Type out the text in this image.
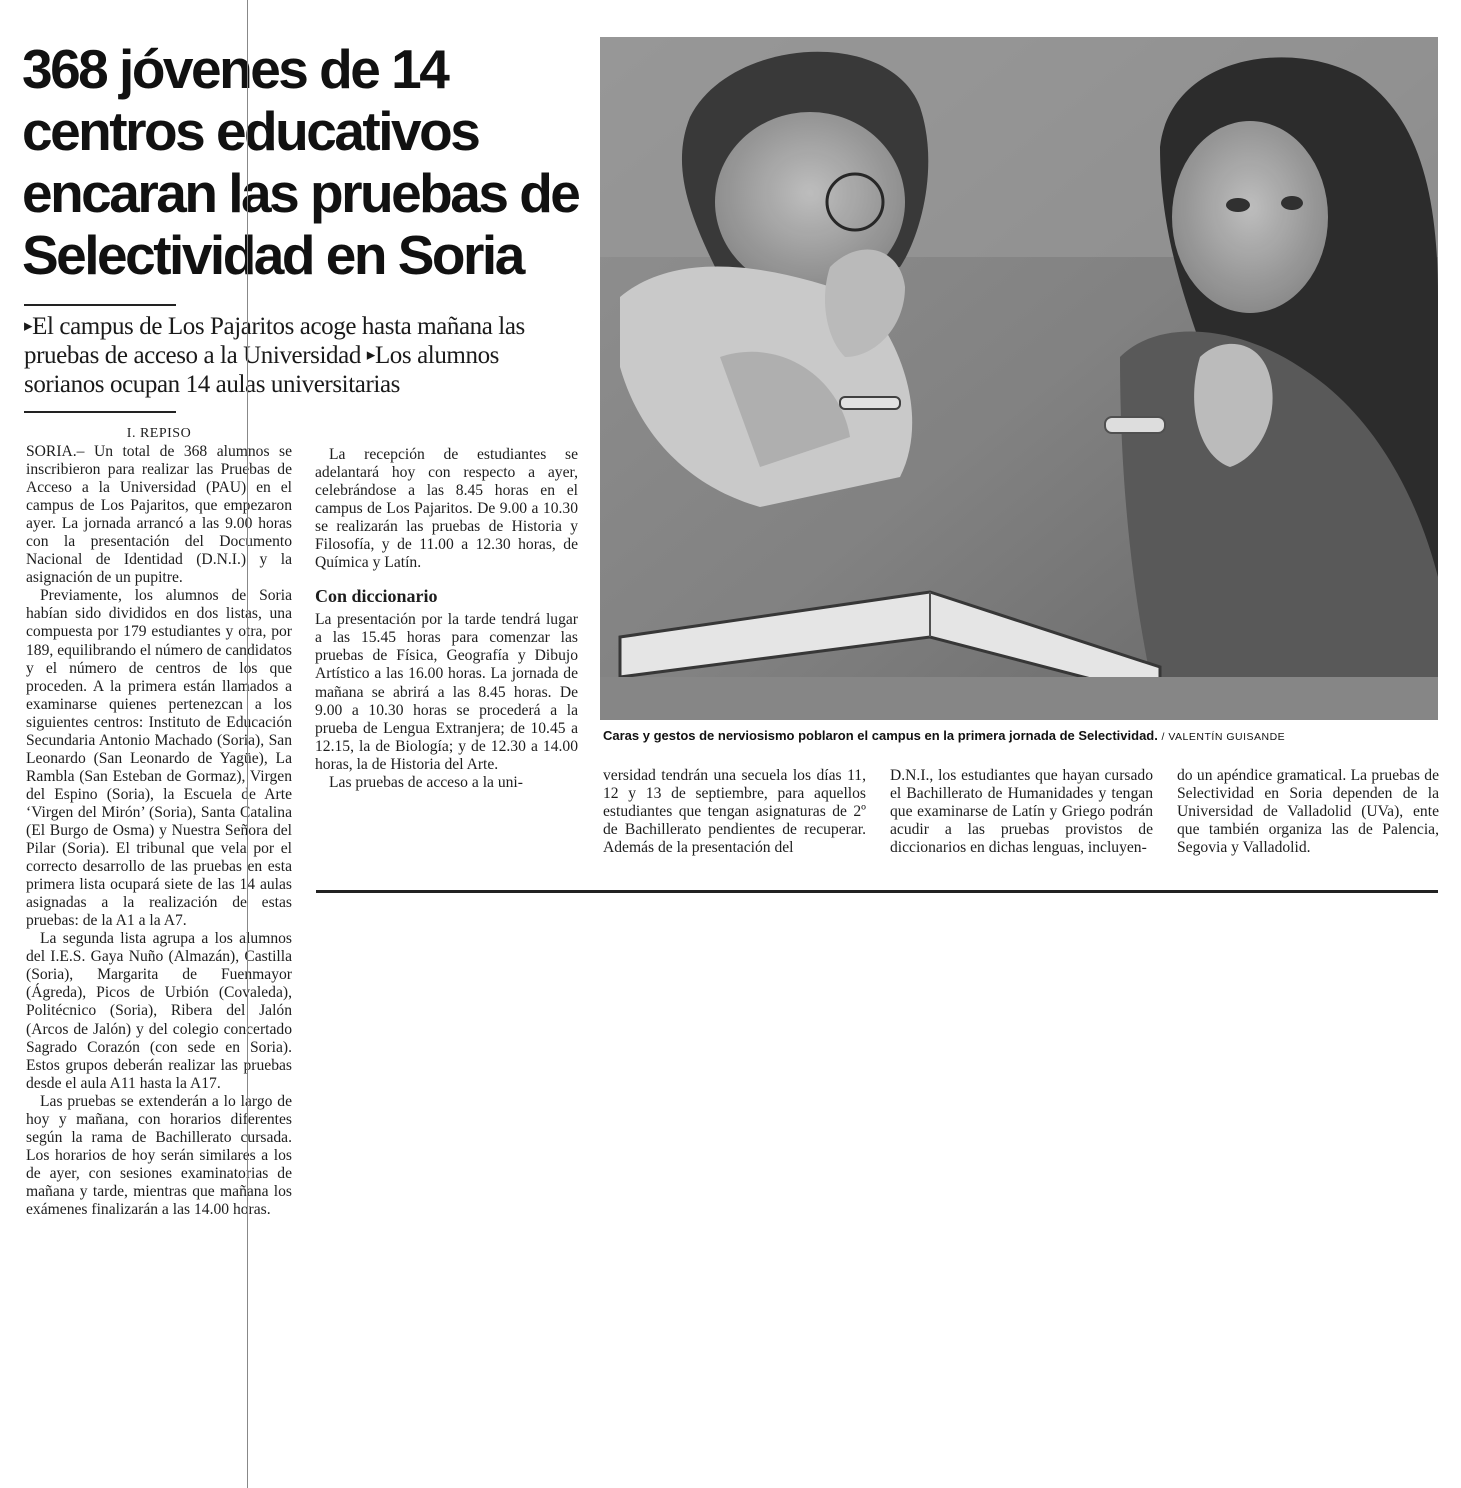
368 jóvenes de 14 centros educativos encaran las pruebas de Selectividad en Soria

▸El campus de Los Pajaritos acoge hasta mañana las pruebas de acceso a la Universidad ▸Los alumnos sorianos ocupan 14 aulas universitarias

I. REPISO

SORIA.– Un total de 368 alumnos se inscribieron para realizar las Pruebas de Acceso a la Universidad (PAU) en el campus de Los Pajaritos, que empezaron ayer. La jornada arrancó a las 9.00 horas con la presentación del Documento Nacional de Identidad (D.N.I.) y la asignación de un pupitre.

Previamente, los alumnos de Soria habían sido divididos en dos listas, una compuesta por 179 estudiantes y otra, por 189, equilibrando el número de candidatos y el número de centros de los que proceden. A la primera están llamados a examinarse quienes pertenezcan a los siguientes centros: Instituto de Educación Secundaria Antonio Machado (Soria), San Leonardo (San Leonardo de Yagüe), La Rambla (San Esteban de Gormaz), Virgen del Espino (Soria), la Escuela de Arte ‘Virgen del Mirón’ (Soria), Santa Catalina (El Burgo de Osma) y Nuestra Señora del Pilar (Soria). El tribunal que vela por el correcto desarrollo de las pruebas en esta primera lista ocupará siete de las 14 aulas asignadas a la realización de estas pruebas: de la A1 a la A7.

La segunda lista agrupa a los alumnos del I.E.S. Gaya Nuño (Almazán), Castilla (Soria), Margarita de Fuenmayor (Ágreda), Picos de Urbión (Covaleda), Politécnico (Soria), Ribera del Jalón (Arcos de Jalón) y del colegio concertado Sagrado Corazón (con sede en Soria). Estos grupos deberán realizar las pruebas desde el aula A11 hasta la A17.

Las pruebas se extenderán a lo largo de hoy y mañana, con horarios diferentes según la rama de Bachillerato cursada. Los horarios de hoy serán similares a los de ayer, con sesiones examinatorias de mañana y tarde, mientras que mañana los exámenes finalizarán a las 14.00 horas.

La recepción de estudiantes se adelantará hoy con respecto a ayer, celebrándose a las 8.45 horas en el campus de Los Pajaritos. De 9.00 a 10.30 se realizarán las pruebas de Historia y Filosofía, y de 11.00 a 12.30 horas, de Química y Latín.

Con diccionario

La presentación por la tarde tendrá lugar a las 15.45 horas para comenzar las pruebas de Física, Geografía y Dibujo Artístico a las 16.00 horas. La jornada de mañana se abrirá a las 8.45 horas. De 9.00 a 10.30 horas se procederá a la prueba de Lengua Extranjera; de 10.45 a 12.15, la de Biología; y de 12.30 a 14.00 horas, la de Historia del Arte.

Las pruebas de acceso a la uni-

Caras y gestos de nerviosismo poblaron el campus en la primera jornada de Selectividad. / VALENTÍN GUISANDE

versidad tendrán una secuela los días 11, 12 y 13 de septiembre, para aquellos estudiantes que tengan asignaturas de 2º de Bachillerato pendientes de recuperar. Además de la presentación del

D.N.I., los estudiantes que hayan cursado el Bachillerato de Humanidades y tengan que examinarse de Latín y Griego podrán acudir a las pruebas provistos de diccionarios en dichas lenguas, incluyen-

do un apéndice gramatical. La pruebas de Selectividad en Soria dependen de la Universidad de Valladolid (UVa), ente que también organiza las de Palencia, Segovia y Valladolid.
